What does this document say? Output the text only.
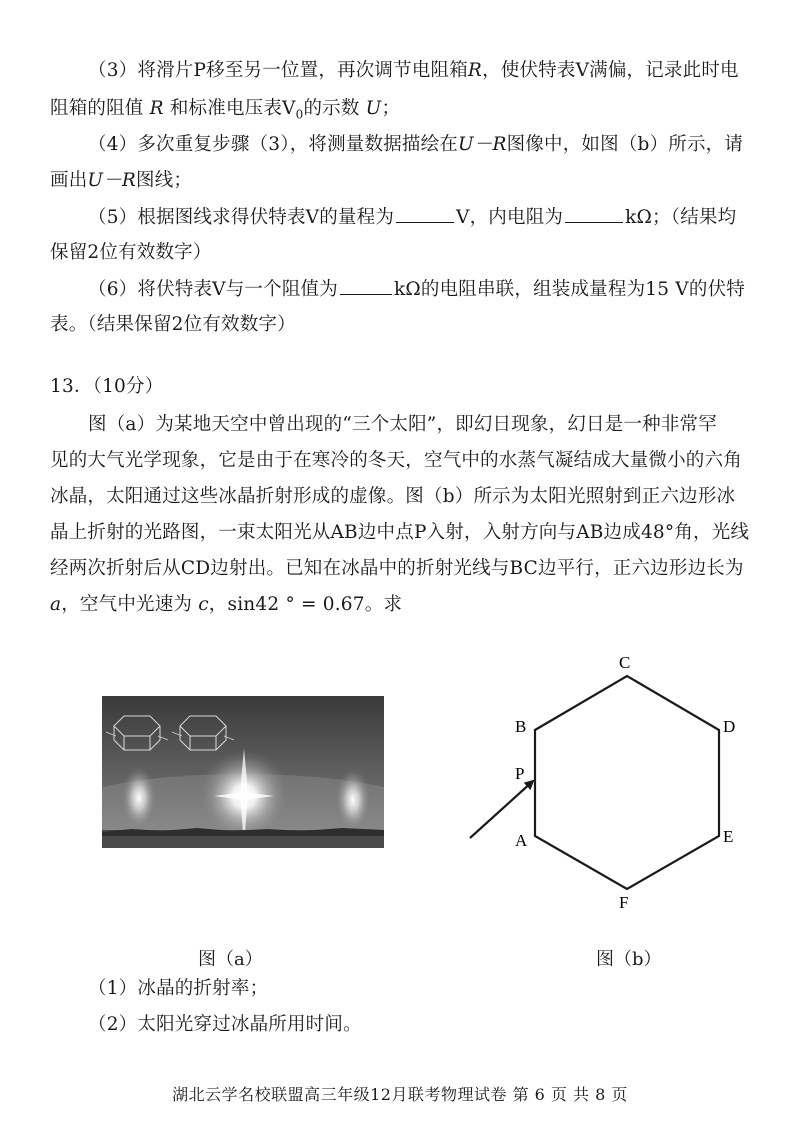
（3）将滑片P移至另一位置，再次调节电阻箱R，使伏特表V满偏，记录此时电
阻箱的阻值 R 和标准电压表$V_0$的示数 U；
（4）多次重复步骤（3），将测量数据描绘在U－R图像中，如图（b）所示，请
画出U－R图线；
（5）根据图线求得伏特表V的量程为	V，内电阻为	kΩ；（结果均
保留2位有效数字）
（6）将伏特表V与一个阻值为	kΩ的电阻串联，组装成量程为15 V的伏特
表。（结果保留2位有效数字）
13．（10分）
图（a）为某地天空中曾出现的“三个太阳”，即幻日现象，幻日是一种非常罕
见的大气光学现象，它是由于在寒冷的冬天，空气中的水蒸气凝结成大量微小的六角
冰晶，太阳通过这些冰晶折射形成的虚像。图（b）所示为太阳光照射到正六边形冰
晶上折射的光路图，一束太阳光从AB边中点P入射，入射方向与AB边成48°角，光线
经两次折射后从CD边射出。已知在冰晶中的折射光线与BC边平行，正六边形边长为
a，空气中光速为 c，sin42 ° = 0.67。求
C
B	D
P
A	E
F
图（a）	图（b）
（1）冰晶的折射率；
（2）太阳光穿过冰晶所用时间。
湖北云学名校联盟高三年级12月联考物理试卷 第 6 页 共 8 页
